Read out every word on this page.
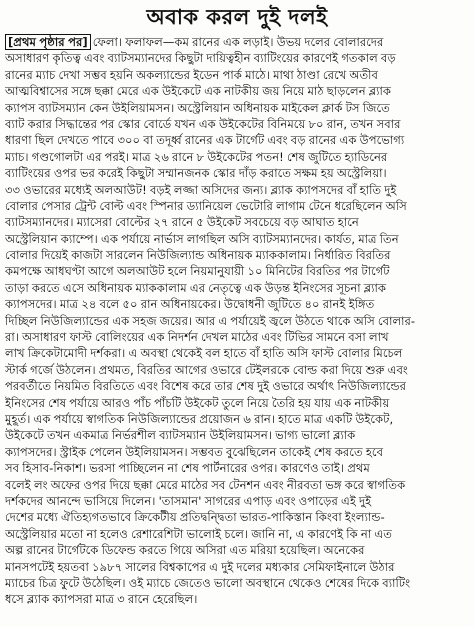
অবাক করল দুই দলই
[প্রথম পৃষ্ঠার পর] ফেলা। ফলাফল—কম রানের এক লড়াই। উভয় দলের বোলারদের
অসাধারণ কৃতিত্ব এবং ব্যাটসম্যানদের কিছুটা দায়িত্বহীন ব্যাটিংয়ের কারণেই গতকাল বড়
রানের ম্যাচ দেখা সম্ভব হয়নি অকল্যান্ডের ইডেন পার্ক মাঠে। মাথা ঠাণ্ডা রেখে অতীব
আত্মবিশ্বাসের সঙ্গে ছক্কা মেরে এক উইকেটে এক নাটকীয় জয় নিয়ে মাঠ ছাড়লেন ব্ল্যাক
ক্যাপস ব্যাটসম্যান কেন উইলিয়ামসন। অস্ট্রেলিয়ান অধিনায়ক মাইকেল ক্লার্ক টস জিতে
ব্যাট করার সিদ্ধান্তের পর স্কোর বোর্ডে যখন এক উইকেটের বিনিময়ে ৮০ রান, তখন সবার
ধারণা ছিল দেখতে পাবে ৩০০ বা তদূর্ধ্ব রানের এক টার্গেট এবং বড় রানের এক উপভোগ্য
ম্যাচ। গণ্ডগোলটা এর পরই। মাত্র ২৬ রানে ৮ উইকেটের পতন! শেষ জুটিতে হ্যাডিনের
ব্যাটিংয়ের ওপর ভর করেই কিছুটা সম্মানজনক স্কোর দাঁড় করাতে সক্ষম হয় অস্ট্রেলিয়া।
৩৩ ওভারের মধ্যেই অলআউট! বড়ই লজ্জা অসিদের জন্য। ব্ল্যাক ক্যাপসদের বাঁ হাতি দুই
বোলার পেসার ট্রেন্ট বোল্ট এবং স্পিনার ড্যানিয়েল ভেটোরি লাগাম টেনে ধরেছিলেন অসি
ব্যাটসম্যানদের। ম্যাসেরা বোল্টের ২৭ রানে ৫ উইকেট সবচেয়ে বড় আঘাত হানে
অস্ট্রেলিয়ান ক্যাম্পে। এক পর্যায়ে নার্ভাস লাগছিল অসি ব্যাটসম্যানদের। কার্যত, মাত্র তিন
বোলার দিয়েই কাজটা সারলেন নিউজিল্যান্ড অধিনায়ক ম্যাককালাম। নির্ধারিত বিরতির
কমপক্ষে আধঘণ্টা আগে অলআউট হলে নিয়মানুযায়ী ১০ মিনিটের বিরতির পর টার্গেট
তাড়া করতে এসে অধিনায়ক ম্যাককালাম এর নেতৃত্বে এক উড়ন্ত ইনিংসের সূচনা ব্ল্যাক
ক্যাপসদের। মাত্র ২৪ বলে ৫০ রান অধিনায়কের। উদ্বোধনী জুটিতে ৪০ রানই ইঙ্গিত
দিচ্ছিল নিউজিল্যান্ডের এক সহজ জয়ের। আর এ পর্যায়েই জ্বলে উঠতে থাকে অসি বোলার-
রা। অসাধারণ ফাস্ট বোলিংয়ের এক নিদর্শন দেখল মাঠের এবং টিভির সামনে বসা লাখ
লাখ ক্রিকেটামোদী দর্শকরা। এ অবস্থা থেকেই বল হাতে বাঁ হাতি অসি ফাস্ট বোলার মিচেল
স্টার্ক গর্জে উঠলেন। প্রথমত, বিরতির আগের ওভারে টেইলরকে বোল্ড করা দিয়ে শুরু এবং
পরবর্তীতে নিয়মিত বিরতিতে এবং বিশেষ করে তার শেষ দুই ওভারে অর্থাৎ নিউজিল্যান্ডের
ইনিংসের শেষ পর্যায়ে আরও পাঁচ পাঁচটি উইকেট তুলে নিয়ে তৈরি হয় যায় এক নাটকীয়
মুহূর্ত। এক পর্যায়ে স্বাগতিক নিউজিল্যান্ডের প্রয়োজন ৬ রান। হাতে মাত্র একটি উইকেট,
উইকেটে তখন একমাত্র নির্ভরশীল ব্যাটসম্যান উইলিয়ামসন। ভাগ্য ভালো ব্ল্যাক
ক্যাপসদের। স্ট্রাইক পেলেন উইলিয়ামসন। সম্ভবত বুঝেছিলেন তাকেই শেষ করতে হবে
সব হিসাব-নিকাশ। ভরসা পাচ্ছিলেন না শেষ পার্টনারের ওপর। কারণেও তাই। প্রথম
বলেই লং অফের ওপর দিয়ে ছক্কা মেরে মাঠের সব টেনশন এবং নীরবতা ভঙ্গ করে স্বাগতিক
দর্শকদের আনন্দে ভাসিয়ে দিলেন। 'তাসমান' সাগরের এপাড় এবং ওপাড়ের এই দুই
দেশের মধ্যে ঐতিহ্যগতভাবে ক্রিকেটীয় প্রতিদ্বন্দ্বিতা ভারত-পাকিস্তান কিংবা ইংল্যান্ড-
অস্ট্রেলিয়ার মতো না হলেও রেশারেশিটা ভালোই চলে। জানি না, এ কারণেই কি না এত
অল্প রানের টার্গেটকে ডিফেন্ড করতে গিয়ে অসিরা এত মরিয়া হয়েছিল। অনেকের
মানসপটেই হয়তবা ১৯৮৭ সালের বিশ্বকাপের এ দুই দলের মধ্যকার সেমিফাইনালে উঠার
ম্যাচের চিত্র ফুটে উঠেছিল। ওই ম্যাচে জেতেও ভালো অবস্থানে থেকেও শেষের দিকে ব্যাটিং
ধসে ব্ল্যাক ক্যাপসরা মাত্র ৩ রানে হেরেছিল।
